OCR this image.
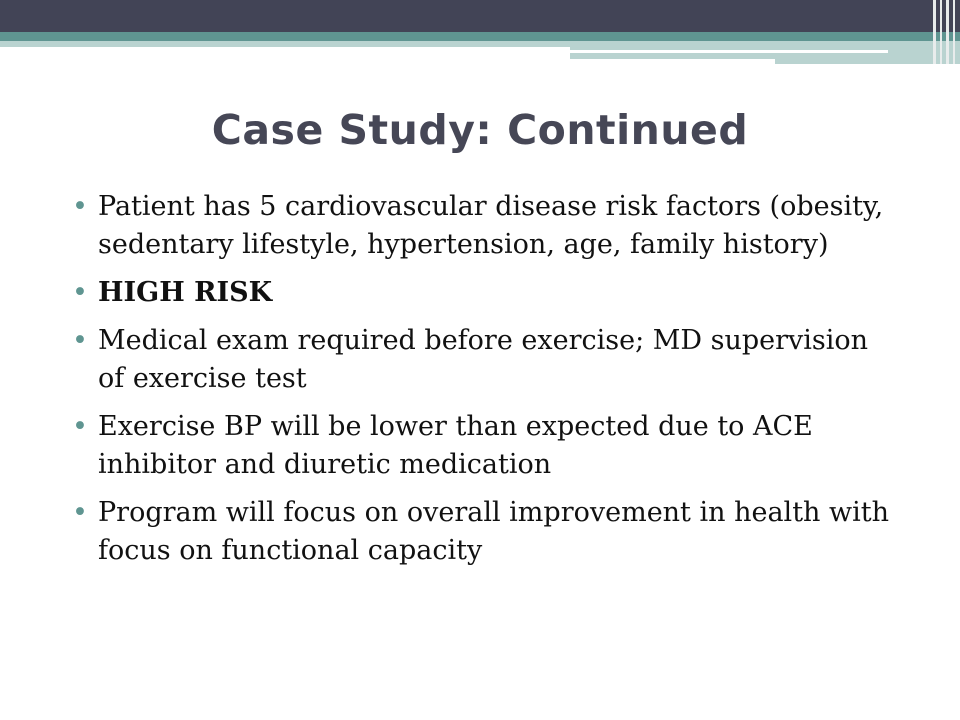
Case Study: Continued
• Patient has 5 cardiovascular disease risk factors (obesity, sedentary lifestyle, hypertension, age, family history)
• HIGH RISK
• Medical exam required before exercise; MD supervision of exercise test
• Exercise BP will be lower than expected due to ACE inhibitor and diuretic medication
• Program will focus on overall improvement in health with focus on functional capacity
